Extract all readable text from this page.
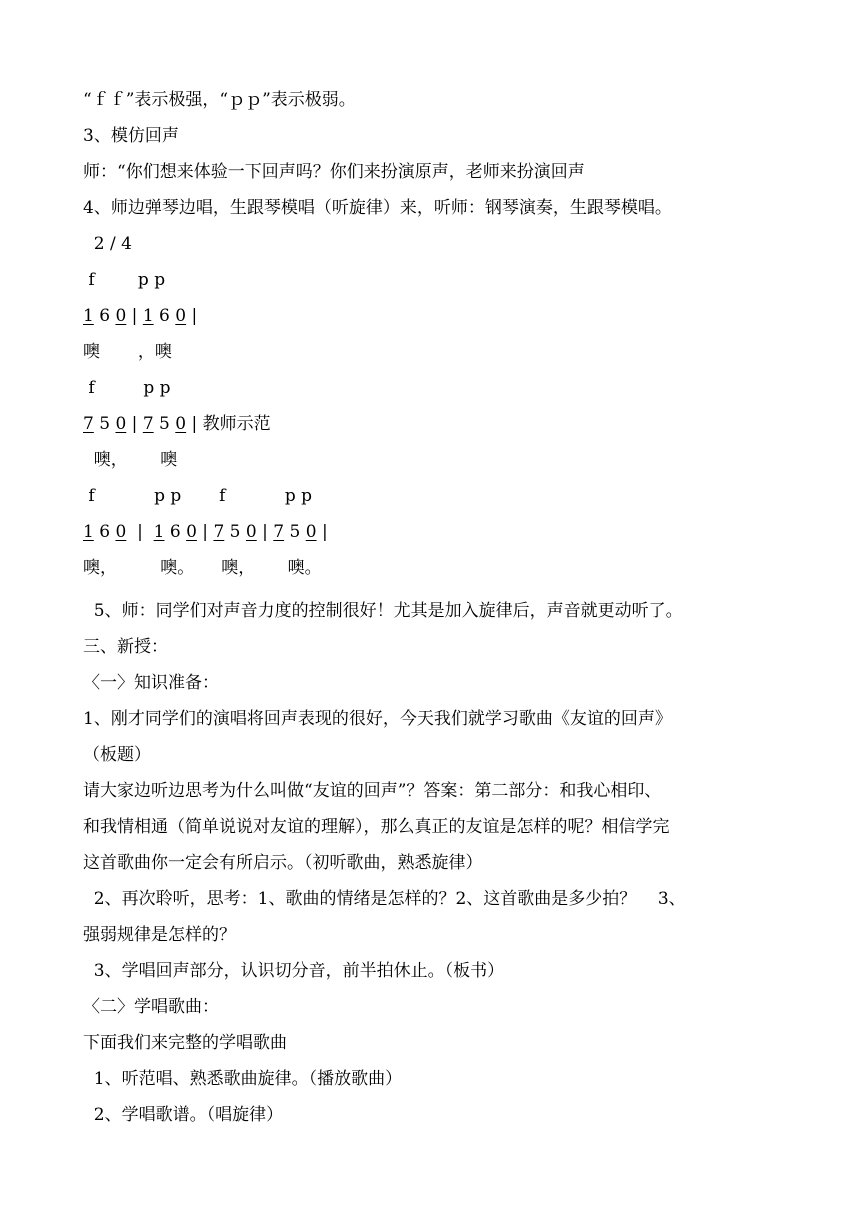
“ｆｆ”表示极强，“ｐｐ”表示极弱。
3、模仿回声
师：“你们想来体验一下回声吗？你们来扮演原声，老师来扮演回声
4、师边弹琴边唱，生跟琴模唱（听旋律）来，听师：钢琴演奏，生跟琴模唱。
2 / 4
f        p p
1 6 0 | 1 6 0 |
噢       ，噢
f         p p
7 5 0 | 7 5 0 | 教师示范
噢，      噢
f           p p       f           p p
1 6 0  |  1 6 0 | 7 5 0 | 7 5 0 |
噢，        噢。     噢，      噢。
5、师：同学们对声音力度的控制很好！尤其是加入旋律后，声音就更动听了。
三、新授：
〈一〉知识准备：
1、刚才同学们的演唱将回声表现的很好，今天我们就学习歌曲《友谊的回声》
（板题）
请大家边听边思考为什么叫做“友谊的回声”？答案：第二部分：和我心相印、
和我情相通（简单说说对友谊的理解），那么真正的友谊是怎样的呢？相信学完
这首歌曲你一定会有所启示。（初听歌曲，熟悉旋律）
2、再次聆听，思考：1、歌曲的情绪是怎样的？2、这首歌曲是多少拍？    3、
强弱规律是怎样的？
3、学唱回声部分，认识切分音，前半拍休止。（板书）
〈二〉学唱歌曲：
下面我们来完整的学唱歌曲
1、听范唱、熟悉歌曲旋律。（播放歌曲）
2、学唱歌谱。（唱旋律）
